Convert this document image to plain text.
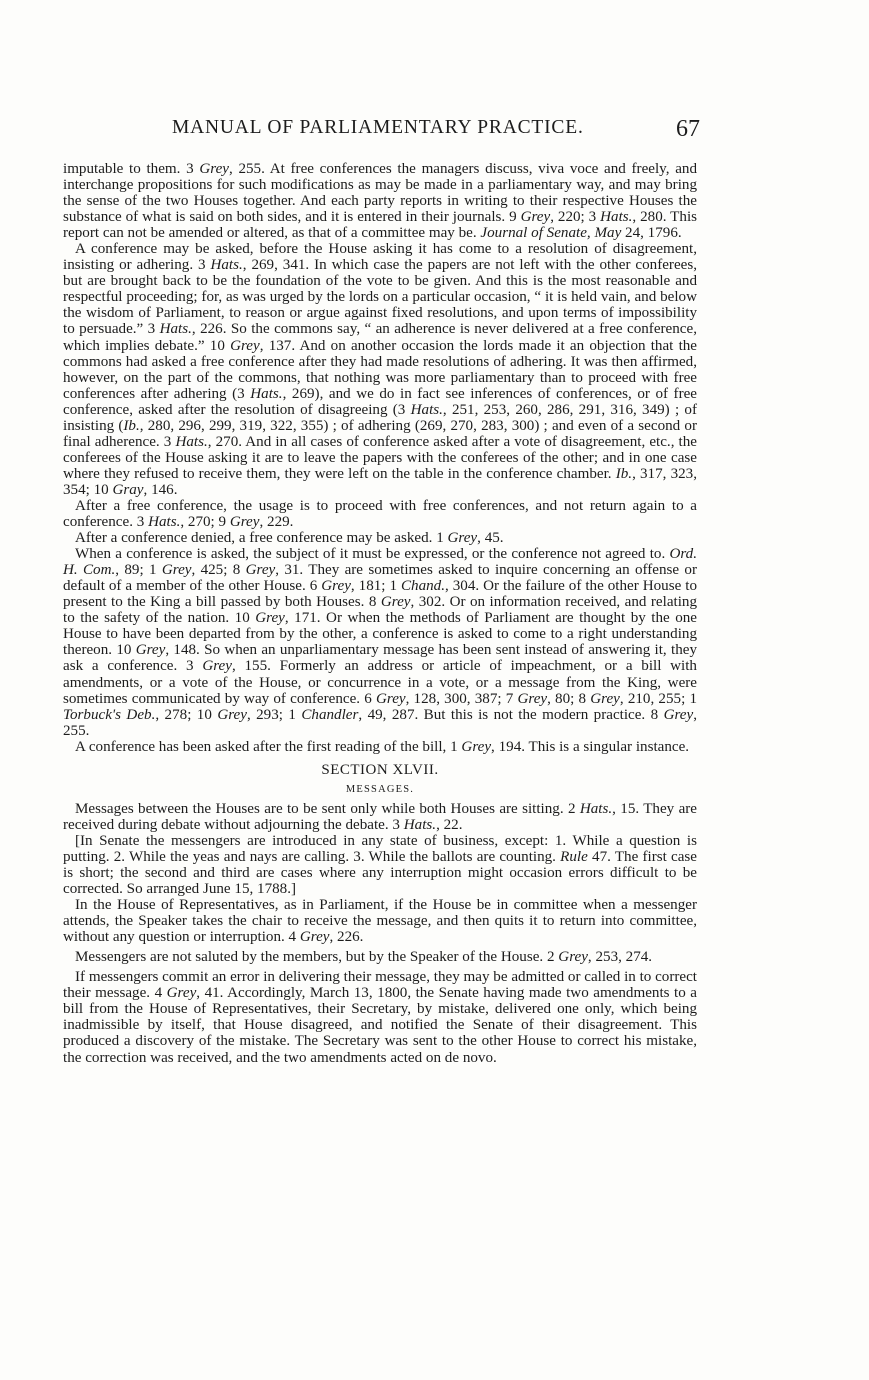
MANUAL OF PARLIAMENTARY PRACTICE.	67

imputable to them. 3 Grey, 255. At free conferences the managers discuss, viva voce and freely, and interchange propositions for such modifications as may be made in a parliamentary way, and may bring the sense of the two Houses together. And each party reports in writing to their respective Houses the substance of what is said on both sides, and it is entered in their journals. 9 Grey, 220; 3 Hats., 280. This report can not be amended or altered, as that of a committee may be. Journal of Senate, May 24, 1796.

A conference may be asked, before the House asking it has come to a resolution of disagreement, insisting or adhering. 3 Hats., 269, 341. In which case the papers are not left with the other conferees, but are brought back to be the foundation of the vote to be given. And this is the most reasonable and respectful proceeding; for, as was urged by the lords on a particular occasion, “ it is held vain, and below the wisdom of Parliament, to reason or argue against fixed resolutions, and upon terms of impossibility to persuade.” 3 Hats., 226. So the commons say, “ an adherence is never delivered at a free conference, which implies debate.” 10 Grey, 137. And on another occasion the lords made it an objection that the commons had asked a free conference after they had made resolutions of adhering. It was then affirmed, however, on the part of the commons, that nothing was more parliamentary than to proceed with free conferences after adhering (3 Hats., 269), and we do in fact see inferences of conferences, or of free conference, asked after the resolution of disagreeing (3 Hats., 251, 253, 260, 286, 291, 316, 349) ; of insisting (Ib., 280, 296, 299, 319, 322, 355) ; of adhering (269, 270, 283, 300) ; and even of a second or final adherence. 3 Hats., 270. And in all cases of conference asked after a vote of disagreement, etc., the conferees of the House asking it are to leave the papers with the conferees of the other; and in one case where they refused to receive them, they were left on the table in the conference chamber. Ib., 317, 323, 354; 10 Gray, 146.

After a free conference, the usage is to proceed with free conferences, and not return again to a conference. 3 Hats., 270; 9 Grey, 229.

After a conference denied, a free conference may be asked. 1 Grey, 45.

When a conference is asked, the subject of it must be expressed, or the conference not agreed to. Ord. H. Com., 89; 1 Grey, 425; 8 Grey, 31. They are sometimes asked to inquire concerning an offense or default of a member of the other House. 6 Grey, 181; 1 Chand., 304. Or the failure of the other House to present to the King a bill passed by both Houses. 8 Grey, 302. Or on information received, and relating to the safety of the nation. 10 Grey, 171. Or when the methods of Parliament are thought by the one House to have been departed from by the other, a conference is asked to come to a right understanding thereon. 10 Grey, 148. So when an unparliamentary message has been sent instead of answering it, they ask a conference. 3 Grey, 155. Formerly an address or article of impeachment, or a bill with amendments, or a vote of the House, or concurrence in a vote, or a message from the King, were sometimes communicated by way of conference. 6 Grey, 128, 300, 387; 7 Grey, 80; 8 Grey, 210, 255; 1 Torbuck's Deb., 278; 10 Grey, 293; 1 Chandler, 49, 287. But this is not the modern practice. 8 Grey, 255.

A conference has been asked after the first reading of the bill, 1 Grey, 194. This is a singular instance.

SECTION XLVII.

MESSAGES.

Messages between the Houses are to be sent only while both Houses are sitting. 2 Hats., 15. They are received during debate without adjourning the debate. 3 Hats., 22.

[In Senate the messengers are introduced in any state of business, except: 1. While a question is putting. 2. While the yeas and nays are calling. 3. While the ballots are counting. Rule 47. The first case is short; the second and third are cases where any interruption might occasion errors difficult to be corrected. So arranged June 15, 1788.]

In the House of Representatives, as in Parliament, if the House be in committee when a messenger attends, the Speaker takes the chair to receive the message, and then quits it to return into committee, without any question or interruption. 4 Grey, 226.

Messengers are not saluted by the members, but by the Speaker of the House. 2 Grey, 253, 274.

If messengers commit an error in delivering their message, they may be admitted or called in to correct their message. 4 Grey, 41. Accordingly, March 13, 1800, the Senate having made two amendments to a bill from the House of Representatives, their Secretary, by mistake, delivered one only, which being inadmissible by itself, that House disagreed, and notified the Senate of their disagreement. This produced a discovery of the mistake. The Secretary was sent to the other House to correct his mistake, the correction was received, and the two amendments acted on de novo.
